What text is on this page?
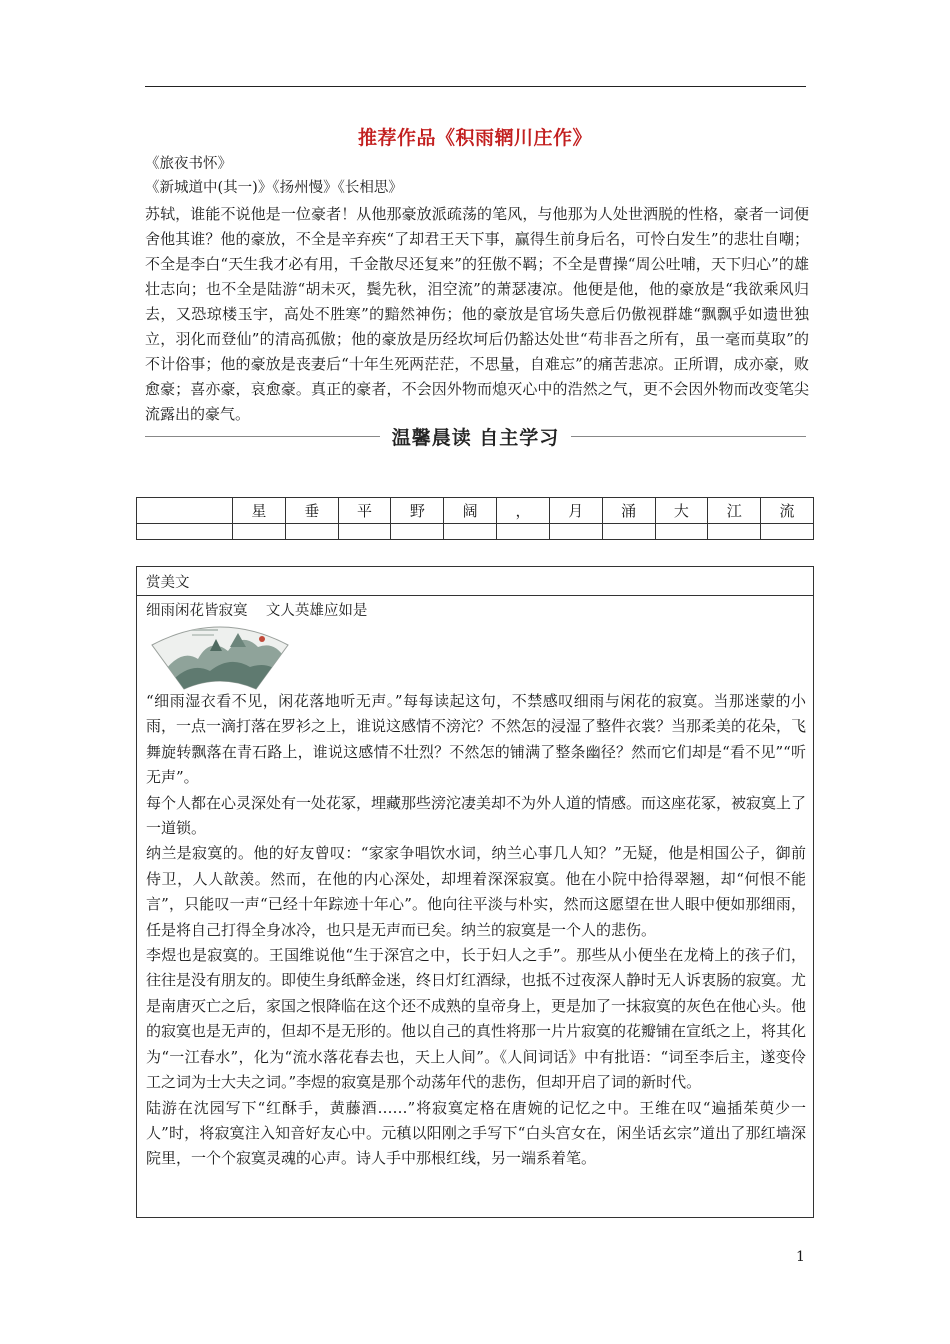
推荐作品《积雨辋川庄作》
《旅夜书怀》
《新城道中(其一)》《扬州慢》《长相思》
苏轼，谁能不说他是一位豪者！从他那豪放派疏荡的笔风，与他那为人处世洒脱的性格，豪者一词便舍他其谁？他的豪放，不全是辛弃疾“了却君王天下事，赢得生前身后名，可怜白发生”的悲壮自嘲；不全是李白“天生我才必有用，千金散尽还复来”的狂傲不羁；不全是曹操“周公吐哺，天下归心”的雄壮志向；也不全是陆游“胡未灭，鬓先秋，泪空流”的萧瑟凄凉。他便是他，他的豪放是“我欲乘风归去，又恐琼楼玉宇，高处不胜寒”的黯然神伤；他的豪放是官场失意后仍傲视群雄“飘飘乎如遗世独立，羽化而登仙”的清高孤傲；他的豪放是历经坎坷后仍豁达处世“苟非吾之所有，虽一毫而莫取”的不计俗事；他的豪放是丧妻后“十年生死两茫茫，不思量，自难忘”的痛苦悲凉。正所谓，成亦豪，败愈豪；喜亦豪，哀愈豪。真正的豪者，不会因外物而熄灭心中的浩然之气，更不会因外物而改变笔尖流露出的豪气。
温馨晨读 自主学习
	星	垂	平	野	阔	，	月	涌	大	江	流

赏美文
细雨闲花皆寂寞    文人英雄应如是

“细雨湿衣看不见，闲花落地听无声。”每每读起这句，不禁感叹细雨与闲花的寂寞。当那迷蒙的小雨，一点一滴打落在罗衫之上，谁说这感情不滂沱？不然怎的浸湿了整件衣裳？当那柔美的花朵，飞舞旋转飘落在青石路上，谁说这感情不壮烈？不然怎的铺满了整条幽径？然而它们却是“看不见”“听无声”。

每个人都在心灵深处有一处花冢，埋藏那些滂沱凄美却不为外人道的情感。而这座花冢，被寂寞上了一道锁。

纳兰是寂寞的。他的好友曾叹：“家家争唱饮水词，纳兰心事几人知？”无疑，他是相国公子，御前侍卫，人人歆羡。然而，在他的内心深处，却埋着深深寂寞。他在小院中拾得翠翘，却“何恨不能言”，只能叹一声“已经十年踪迹十年心”。他向往平淡与朴实，然而这愿望在世人眼中便如那细雨，任是将自己打得全身冰冷，也只是无声而已矣。纳兰的寂寞是一个人的悲伤。

李煜也是寂寞的。王国维说他“生于深宫之中，长于妇人之手”。那些从小便坐在龙椅上的孩子们，往往是没有朋友的。即使生身纸醉金迷，终日灯红酒绿，也抵不过夜深人静时无人诉衷肠的寂寞。尤是南唐灭亡之后，家国之恨降临在这个还不成熟的皇帝身上，更是加了一抹寂寞的灰色在他心头。他的寂寞也是无声的，但却不是无形的。他以自己的真性将那一片片寂寞的花瓣铺在宣纸之上，将其化为“一江春水”，化为“流水落花春去也，天上人间”。《人间词话》中有批语：“词至李后主，遂变伶工之词为士大夫之词。”李煜的寂寞是那个动荡年代的悲伤，但却开启了词的新时代。

陆游在沈园写下“红酥手，黄藤酒……”将寂寞定格在唐婉的记忆之中。王维在叹“遍插茱萸少一人”时，将寂寞注入知音好友心中。元稹以阳刚之手写下“白头宫女在，闲坐话玄宗”道出了那红墙深院里，一个个寂寞灵魂的心声。诗人手中那根红线，另一端系着笔。

1
